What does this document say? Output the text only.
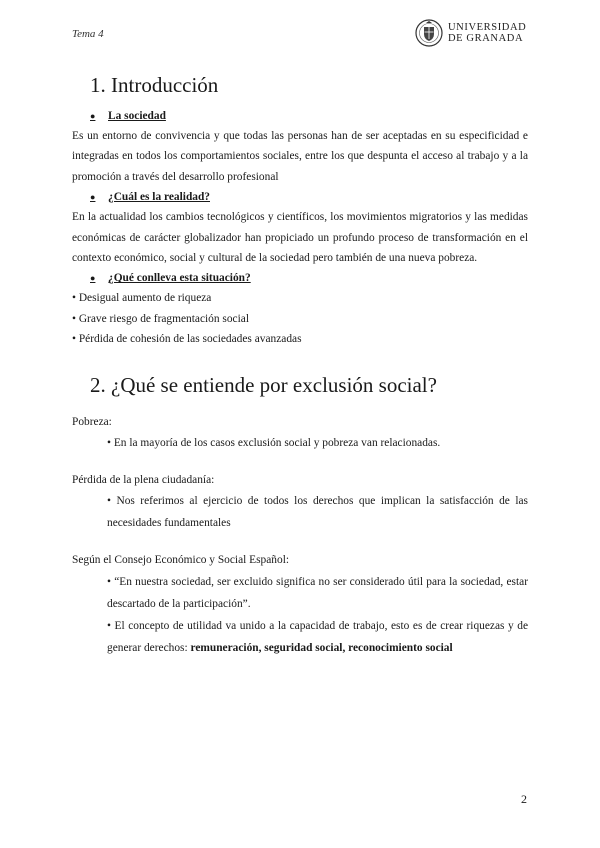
Tema 4
UNIVERSIDAD
DE GRANADA
1. Introducción
●	La sociedad

Es un entorno de convivencia y que todas las personas han de ser aceptadas en su especificidad e integradas en todos los comportamientos sociales, entre los que despunta el acceso al trabajo y a la promoción a través del desarrollo profesional

●	¿Cuál es la realidad?

En la actualidad los cambios tecnológicos y científicos, los movimientos migratorios y las medidas económicas de carácter globalizador han propiciado un profundo proceso de transformación en el contexto económico, social y cultural de la sociedad pero también de una nueva pobreza.

●	¿Qué conlleva esta situación?
• Desigual aumento de riqueza
• Grave riesgo de fragmentación social
• Pérdida de cohesión de las sociedades avanzadas
2. ¿Qué se entiende por exclusión social?
Pobreza:
• En la mayoría de los casos exclusión social y pobreza van relacionadas.
Pérdida de la plena ciudadanía:
• Nos referimos al ejercicio de todos los derechos que implican la satisfacción de las necesidades fundamentales
Según el Consejo Económico y Social Español:
• “En nuestra sociedad, ser excluido significa no ser considerado útil para la sociedad, estar descartado de la participación”.
• El concepto de utilidad va unido a la capacidad de trabajo, esto es de crear riquezas y de generar derechos: remuneración, seguridad social, reconocimiento social
2
